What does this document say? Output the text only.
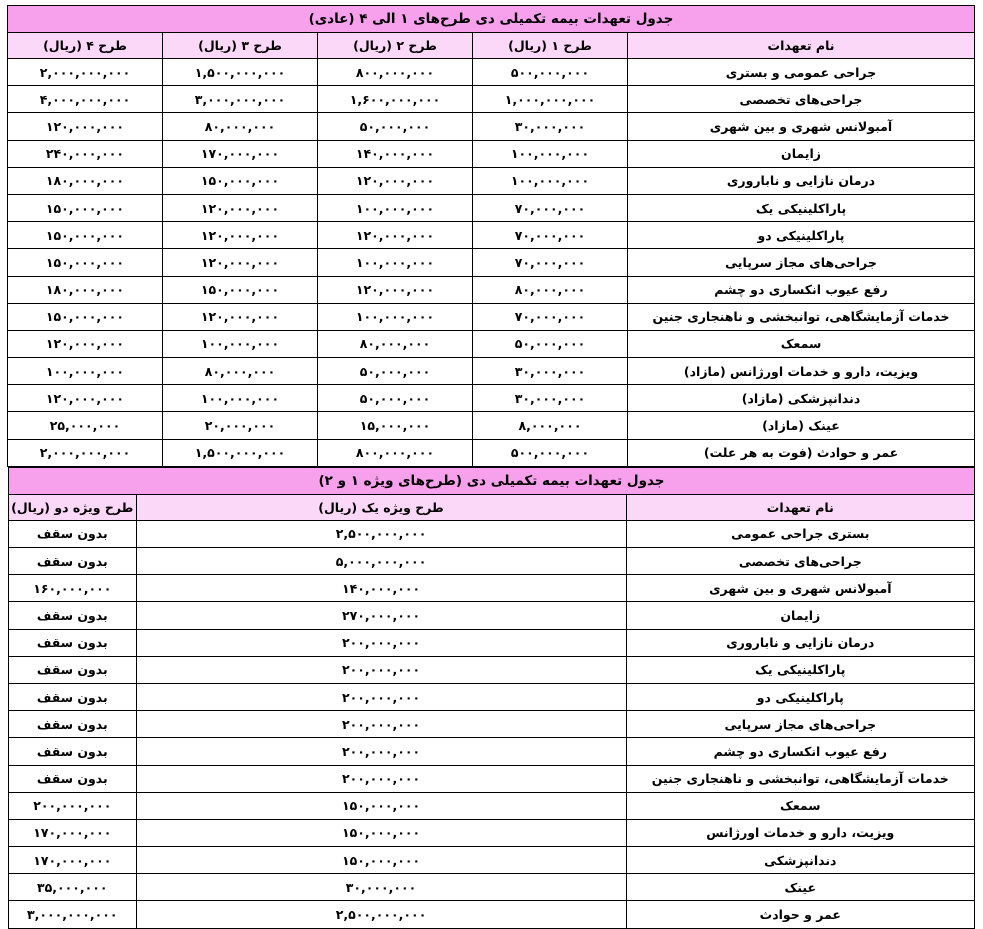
جدول تعهدات بیمه تکمیلی دی طرح‌های ۱ الی ۴ (عادی)				
نام تعهدات	طرح ۱ (ریال)	طرح ۲ (ریال)	طرح ۳ (ریال)	طرح ۴ (ریال)
جراحی عمومی و بستری	۵۰۰,۰۰۰,۰۰۰	۸۰۰,۰۰۰,۰۰۰	۱,۵۰۰,۰۰۰,۰۰۰	۲,۰۰۰,۰۰۰,۰۰۰
جراحی‌های تخصصی	۱,۰۰۰,۰۰۰,۰۰۰	۱,۶۰۰,۰۰۰,۰۰۰	۳,۰۰۰,۰۰۰,۰۰۰	۴,۰۰۰,۰۰۰,۰۰۰
آمبولانس شهری و بین شهری	۳۰,۰۰۰,۰۰۰	۵۰,۰۰۰,۰۰۰	۸۰,۰۰۰,۰۰۰	۱۲۰,۰۰۰,۰۰۰
زایمان	۱۰۰,۰۰۰,۰۰۰	۱۴۰,۰۰۰,۰۰۰	۱۷۰,۰۰۰,۰۰۰	۲۴۰,۰۰۰,۰۰۰
درمان نازایی و ناباروری	۱۰۰,۰۰۰,۰۰۰	۱۲۰,۰۰۰,۰۰۰	۱۵۰,۰۰۰,۰۰۰	۱۸۰,۰۰۰,۰۰۰
پاراکلینیکی یک	۷۰,۰۰۰,۰۰۰	۱۰۰,۰۰۰,۰۰۰	۱۲۰,۰۰۰,۰۰۰	۱۵۰,۰۰۰,۰۰۰
پاراکلینیکی دو	۷۰,۰۰۰,۰۰۰	۱۲۰,۰۰۰,۰۰۰	۱۲۰,۰۰۰,۰۰۰	۱۵۰,۰۰۰,۰۰۰
جراحی‌های مجاز سرپایی	۷۰,۰۰۰,۰۰۰	۱۰۰,۰۰۰,۰۰۰	۱۲۰,۰۰۰,۰۰۰	۱۵۰,۰۰۰,۰۰۰
رفع عیوب انکساری دو چشم	۸۰,۰۰۰,۰۰۰	۱۲۰,۰۰۰,۰۰۰	۱۵۰,۰۰۰,۰۰۰	۱۸۰,۰۰۰,۰۰۰
خدمات آزمایشگاهی، توانبخشی و ناهنجاری جنین	۷۰,۰۰۰,۰۰۰	۱۰۰,۰۰۰,۰۰۰	۱۲۰,۰۰۰,۰۰۰	۱۵۰,۰۰۰,۰۰۰
سمعک	۵۰,۰۰۰,۰۰۰	۸۰,۰۰۰,۰۰۰	۱۰۰,۰۰۰,۰۰۰	۱۲۰,۰۰۰,۰۰۰
ویزیت، دارو و خدمات اورژانس (مازاد)	۳۰,۰۰۰,۰۰۰	۵۰,۰۰۰,۰۰۰	۸۰,۰۰۰,۰۰۰	۱۰۰,۰۰۰,۰۰۰
دندانپزشکی (مازاد)	۳۰,۰۰۰,۰۰۰	۵۰,۰۰۰,۰۰۰	۱۰۰,۰۰۰,۰۰۰	۱۲۰,۰۰۰,۰۰۰
عینک (مازاد)	۸,۰۰۰,۰۰۰	۱۵,۰۰۰,۰۰۰	۲۰,۰۰۰,۰۰۰	۲۵,۰۰۰,۰۰۰
عمر و حوادث (فوت به هر علت)	۵۰۰,۰۰۰,۰۰۰	۸۰۰,۰۰۰,۰۰۰	۱,۵۰۰,۰۰۰,۰۰۰	۲,۰۰۰,۰۰۰,۰۰۰
جدول تعهدات بیمه تکمیلی دی (طرح‌های ویژه ۱ و ۲)		
نام تعهدات	طرح ویژه یک (ریال)	طرح ویژه دو (ریال)
بستری جراحی عمومی	۲,۵۰۰,۰۰۰,۰۰۰	بدون سقف
جراحی‌های تخصصی	۵,۰۰۰,۰۰۰,۰۰۰	بدون سقف
آمبولانس شهری و بین شهری	۱۴۰,۰۰۰,۰۰۰	۱۶۰,۰۰۰,۰۰۰
زایمان	۲۷۰,۰۰۰,۰۰۰	بدون سقف
درمان نازایی و ناباروری	۲۰۰,۰۰۰,۰۰۰	بدون سقف
پاراکلینیکی یک	۲۰۰,۰۰۰,۰۰۰	بدون سقف
پاراکلینیکی دو	۲۰۰,۰۰۰,۰۰۰	بدون سقف
جراحی‌های مجاز سرپایی	۲۰۰,۰۰۰,۰۰۰	بدون سقف
رفع عیوب انکساری دو چشم	۲۰۰,۰۰۰,۰۰۰	بدون سقف
خدمات آزمایشگاهی، توانبخشی و ناهنجاری جنین	۲۰۰,۰۰۰,۰۰۰	بدون سقف
سمعک	۱۵۰,۰۰۰,۰۰۰	۲۰۰,۰۰۰,۰۰۰
ویزیت، دارو و خدمات اورژانس	۱۵۰,۰۰۰,۰۰۰	۱۷۰,۰۰۰,۰۰۰
دندانپزشکی	۱۵۰,۰۰۰,۰۰۰	۱۷۰,۰۰۰,۰۰۰
عینک	۳۰,۰۰۰,۰۰۰	۳۵,۰۰۰,۰۰۰
عمر و حوادث	۲,۵۰۰,۰۰۰,۰۰۰	۳,۰۰۰,۰۰۰,۰۰۰
